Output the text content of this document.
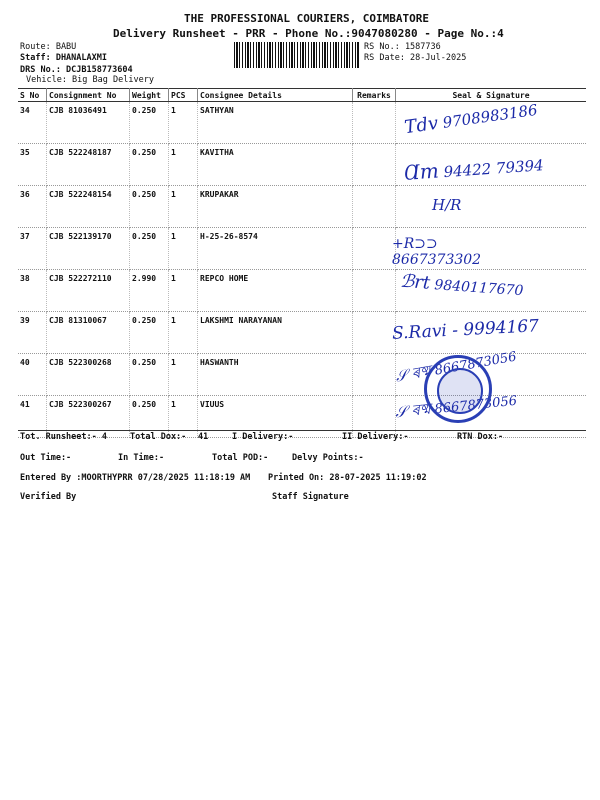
THE PROFESSIONAL COURIERS, COIMBATORE
Delivery Runsheet - PRR - Phone No.:9047080280 - Page No.:4
Route: BABU
Staff: DHANALAXMI
DRS No.: DCJB158773604
Vehicle: Big Bag Delivery
RS No.: 1587736
RS Date: 28-Jul-2025
S No	Consignment No	Weight	PCS	Consignee Details	Remarks	Seal & Signature
34	CJB 81036491	0.250	1	SATHYAN		
35	CJB 522248187	0.250	1	KAVITHA		
36	CJB 522248154	0.250	1	KRUPAKAR		
37	CJB 522139170	0.250	1	H-25-26-8574		
38	CJB 522272110	2.990	1	REPCO HOME		
39	CJB 81310067	0.250	1	LAKSHMI NARAYANAN		
40	CJB 522300268	0.250	1	HASWANTH		
41	CJB 522300267	0.250	1	VIUUS		
Tdv 9708983186
Ɑm 94422 79394
H/R
+R⊃⊃
8667373302
ℬrt 9840117670
S.Ravi - 9994167
𝒮 ৰষ্ম 8667873056
𝒮 ৰষ্ম 8667873056
Tot. Runsheet:- 4	Total Dox:- 41	I Delivery:-	II Delivery:-	RTN Dox:-
Out Time:-	In Time:-	Total POD:-	Delvy Points:-
Entered By :MOORTHYPRR 07/28/2025 11:18:19 AM Printed On: 28-07-2025 11:19:02
Verified By	Staff Signature
